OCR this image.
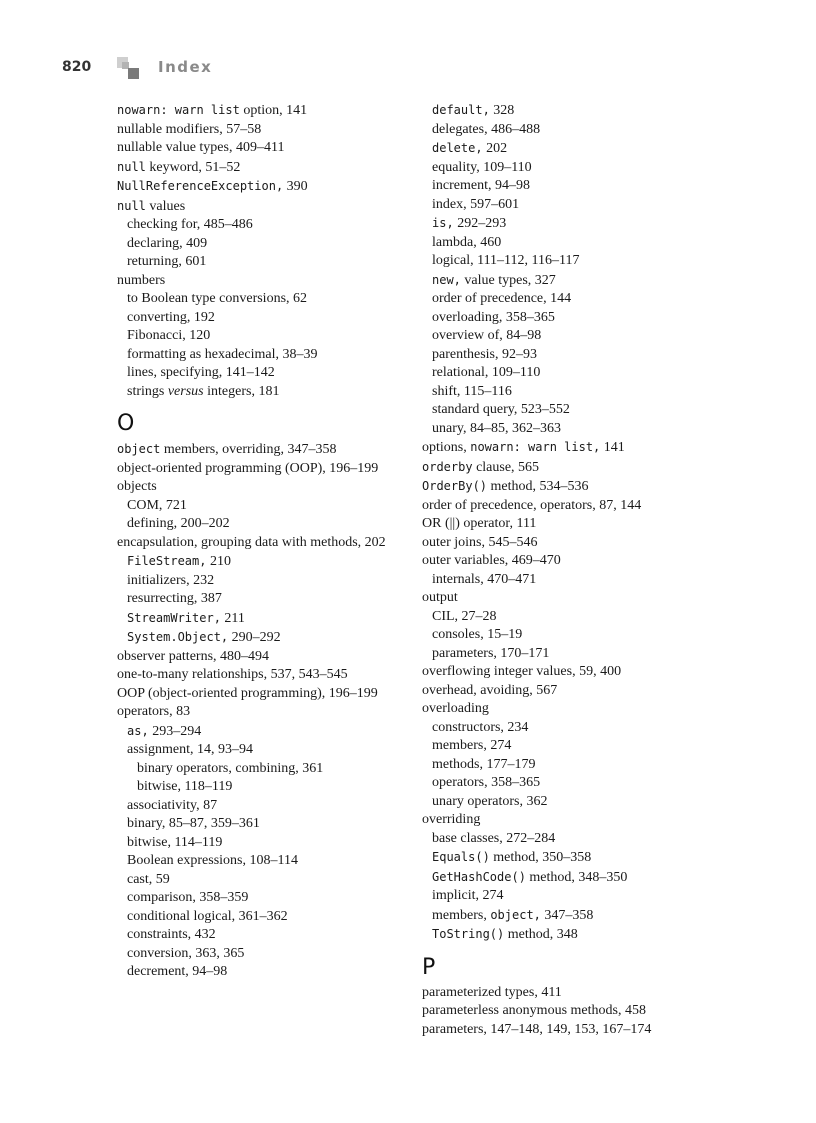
820	Index
nowarn: warn list option, 141
nullable modifiers, 57–58
nullable value types, 409–411
null keyword, 51–52
NullReferenceException, 390
null values
checking for, 485–486
declaring, 409
returning, 601
numbers
to Boolean type conversions, 62
converting, 192
Fibonacci, 120
formatting as hexadecimal, 38–39
lines, specifying, 141–142
strings versus integers, 181
O
object members, overriding, 347–358
object-oriented programming (OOP), 196–199
objects
COM, 721
defining, 200–202
encapsulation, grouping data with methods, 202
FileStream, 210
initializers, 232
resurrecting, 387
StreamWriter, 211
System.Object, 290–292
observer patterns, 480–494
one-to-many relationships, 537, 543–545
OOP (object-oriented programming), 196–199
operators, 83
as, 293–294
assignment, 14, 93–94
binary operators, combining, 361
bitwise, 118–119
associativity, 87
binary, 85–87, 359–361
bitwise, 114–119
Boolean expressions, 108–114
cast, 59
comparison, 358–359
conditional logical, 361–362
constraints, 432
conversion, 363, 365
decrement, 94–98
default, 328
delegates, 486–488
delete, 202
equality, 109–110
increment, 94–98
index, 597–601
is, 292–293
lambda, 460
logical, 111–112, 116–117
new, value types, 327
order of precedence, 144
overloading, 358–365
overview of, 84–98
parenthesis, 92–93
relational, 109–110
shift, 115–116
standard query, 523–552
unary, 84–85, 362–363
options, nowarn: warn list, 141
orderby clause, 565
OrderBy() method, 534–536
order of precedence, operators, 87, 144
OR (||) operator, 111
outer joins, 545–546
outer variables, 469–470
internals, 470–471
output
CIL, 27–28
consoles, 15–19
parameters, 170–171
overflowing integer values, 59, 400
overhead, avoiding, 567
overloading
constructors, 234
members, 274
methods, 177–179
operators, 358–365
unary operators, 362
overriding
base classes, 272–284
Equals() method, 350–358
GetHashCode() method, 348–350
implicit, 274
members, object, 347–358
ToString() method, 348
P
parameterized types, 411
parameterless anonymous methods, 458
parameters, 147–148, 149, 153, 167–174
